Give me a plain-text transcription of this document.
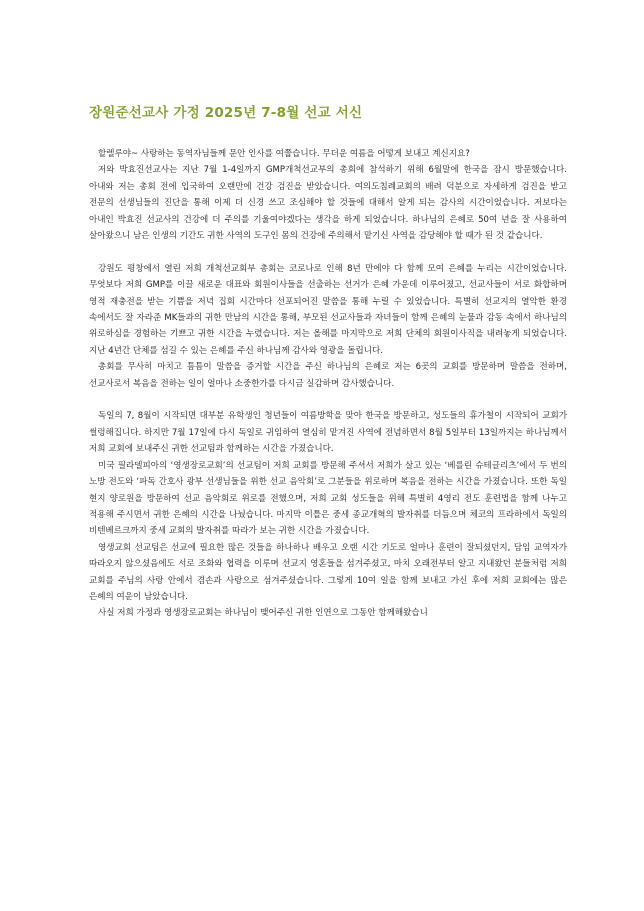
장원준선교사 가정 2025년 7-8월 선교 서신

할렐루야~ 사랑하는 동역자님들께 문안 인사를 여쭙습니다. 무더운 여름을 어떻게 보내고 계신지요?

저와 박효진선교사는 지난 7월 1-4일까지 GMP개척선교부의 총회에 참석하기 위해 6월말에 한국을 잠시 방문했습니다. 아내와 저는 총회 전에 입국하여 오랜만에 건강 검진을 받았습니다. 여의도침례교회의 배려 덕분으로 자세하게 검진을 받고 전문의 선생님들의 진단을 통해 이제 더 신경 쓰고 조심해야 할 것들에 대해서 알게 되는 감사의 시간이었습니다. 저보다는 아내인 박효진 선교사의 건강에 더 주의를 기울여야겠다는 생각을 하게 되었습니다. 하나님의 은혜로 50여 년을 잘 사용하여 살아왔으니 남은 인생의 기간도 귀한 사역의 도구인 몸의 건강에 주의해서 맡기신 사역을 감당해야 할 때가 된 것 같습니다.

강원도 평창에서 열린 저희 개척선교회부 총회는 코로나로 인해 8년 만에야 다 함께 모여 은혜를 누리는 시간이었습니다. 무엇보다 저희 GMP를 이끌 새로운 대표와 회원이사들을 선출하는 선거가 은혜 가운데 이루어졌고, 선교사들이 서로 화합하며 영적 재충전을 받는 기쁨을 저녁 집회 시간마다 선포되어진 말씀을 통해 누릴 수 있었습니다. 특별히 선교지의 열악한 환경 속에서도 잘 자라준 MK들과의 귀한 만남의 시간을 통해, 부모된 선교사들과 자녀들이 함께 은혜의 눈물과 감동 속에서 하나님의 위로하심을 경험하는 기쁘고 귀한 시간을 누렸습니다. 저는 올해를 마지막으로 저희 단체의 회원이사직을 내려놓게 되었습니다. 지난 4년간 단체를 섬길 수 있는 은혜를 주신 하나님께 감사와 영광을 돌립니다.

총회를 무사히 마치고 틈틈이 말씀을 증거할 시간을 주신 하나님의 은혜로 저는 6곳의 교회를 방문하며 말씀을 전하며, 선교사로서 복음을 전하는 일이 얼마나 소중한가를 다시금 실감하며 감사했습니다.

독일의 7, 8월이 시작되면 대부분 유학생인 청년들이 여름방학을 맞아 한국을 방문하고, 성도들의 휴가철이 시작되어 교회가 썰렁해집니다. 하지만 7월 17일에 다시 독일로 귀임하여 열심히 맡겨진 사역에 전념하면서 8월 5일부터 13일까지는 하나님께서 저희 교회에 보내주신 귀한 선교팀과 함께하는 시간을 가졌습니다.

미국 필라델피아의 ‘영생장로교회’의 선교팀이 저희 교회를 방문해 주셔서 저희가 살고 있는 ‘베를린 슈테글리츠’에서 두 번의 노방 전도와 ‘파독 간호사 광부 선생님들을 위한 선교 음악회’로 그분들을 위로하며 복음을 전하는 시간을 가졌습니다. 또한 독일 현지 양로원을 방문하여 선교 음악회로 위로를 전했으며, 저희 교회 성도들을 위해 특별히 4영리 전도 훈련법을 함께 나누고 적용해 주시면서 귀한 은혜의 시간을 나눴습니다. 마지막 이틀은 중세 종교개혁의 발자취를 더듬으며 체코의 프라하에서 독일의 비텐베르크까지 중세 교회의 발자취를 따라가 보는 귀한 시간을 가졌습니다.

영생교회 선교팀은 선교에 필요한 많은 것들을 하나하나 배우고 오랜 시간 기도로 얼마나 훈련이 잘되셨던지, 담임 교역자가 따라오지 않으셨음에도 서로 조화와 협력을 이루며 선교지 영혼들을 섬겨주셨고, 마치 오래전부터 알고 지내왔던 분들처럼 저희 교회를 주님의 사랑 안에서 겸손과 사랑으로 섬겨주셨습니다. 그렇게 10여 일을 함께 보내고 가신 후에 저희 교회에는 많은 은혜의 여운이 남았습니다.

사실 저희 가정과 영생장로교회는 하나님이 맺어주신 귀한 인연으로 그동안 함께해왔습니
